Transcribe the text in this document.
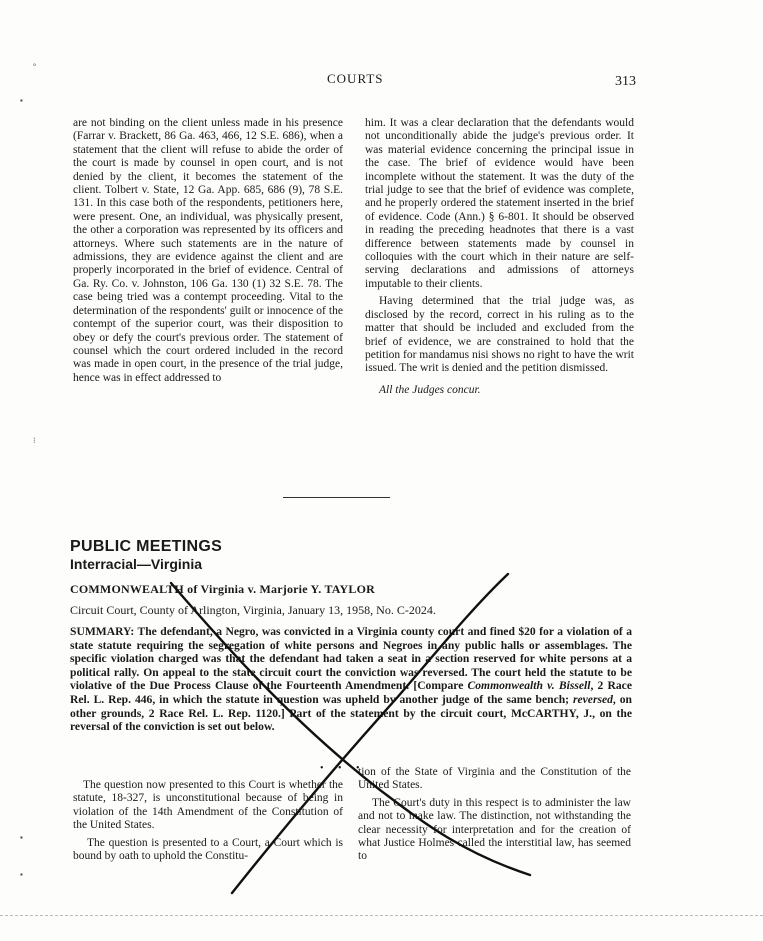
COURTS	313

are not binding on the client unless made in his presence (Farrar v. Brackett, 86 Ga. 463, 466, 12 S.E. 686), when a statement that the client will refuse to abide the order of the court is made by counsel in open court, and is not denied by the client, it becomes the statement of the client. Tolbert v. State, 12 Ga. App. 685, 686 (9), 78 S.E. 131. In this case both of the respondents, petitioners here, were present. One, an individual, was physically present, the other a corporation was represented by its officers and attorneys. Where such statements are in the nature of admissions, they are evidence against the client and are properly incorporated in the brief of evidence. Central of Ga. Ry. Co. v. Johnston, 106 Ga. 130 (1) 32 S.E. 78. The case being tried was a contempt proceeding. Vital to the determination of the respondents' guilt or innocence of the contempt of the superior court, was their disposition to obey or defy the court's previous order. The statement of counsel which the court ordered included in the record was made in open court, in the presence of the trial judge, hence was in effect addressed to

him. It was a clear declaration that the defendants would not unconditionally abide the judge's previous order. It was material evidence concerning the principal issue in the case. The brief of evidence would have been incomplete without the statement. It was the duty of the trial judge to see that the brief of evidence was complete, and he properly ordered the statement inserted in the brief of evidence. Code (Ann.) § 6-801. It should be observed in reading the preceding headnotes that there is a vast difference between statements made by counsel in colloquies with the court which in their nature are self-serving declarations and admissions of attorneys imputable to their clients.

Having determined that the trial judge was, as disclosed by the record, correct in his ruling as to the matter that should be included and excluded from the brief of evidence, we are constrained to hold that the petition for mandamus nisi shows no right to have the writ issued. The writ is denied and the petition dismissed.

All the Judges concur.

PUBLIC MEETINGS
Interracial—Virginia
COMMONWEALTH of Virginia v. Marjorie Y. TAYLOR
Circuit Court, County of Arlington, Virginia, January 13, 1958, No. C-2024.

SUMMARY: The defendant, a Negro, was convicted in a Virginia county court and fined $20 for a violation of a state statute requiring the segregation of white persons and Negroes in any public halls or assemblages. The specific violation charged was that the defendant had taken a seat in a section reserved for white persons at a political rally. On appeal to the state circuit court the conviction was reversed. The court held the statute to be violative of the Due Process Clause of the Fourteenth Amendment. [Compare Commonwealth v. Bissell, 2 Race Rel. L. Rep. 446, in which the statute in question was upheld by another judge of the same bench; reversed, on other grounds, 2 Race Rel. L. Rep. 1120.] Part of the statement by the circuit court, McCARTHY, J., on the reversal of the conviction is set out below.

• • •

The question now presented to this Court is whether the statute, 18-327, is unconstitutional because of being in violation of the 14th Amendment of the Constitution of the United States.

The question is presented to a Court, a Court which is bound by oath to uphold the Constitu-

tion of the State of Virginia and the Constitution of the United States.

The Court's duty in this respect is to administer the law and not to make law. The distinction, not withstanding the clear necessity for interpretation and for the creation of what Justice Holmes called the interstitial law, has seemed to

°
▪
⁝
▪
▪
